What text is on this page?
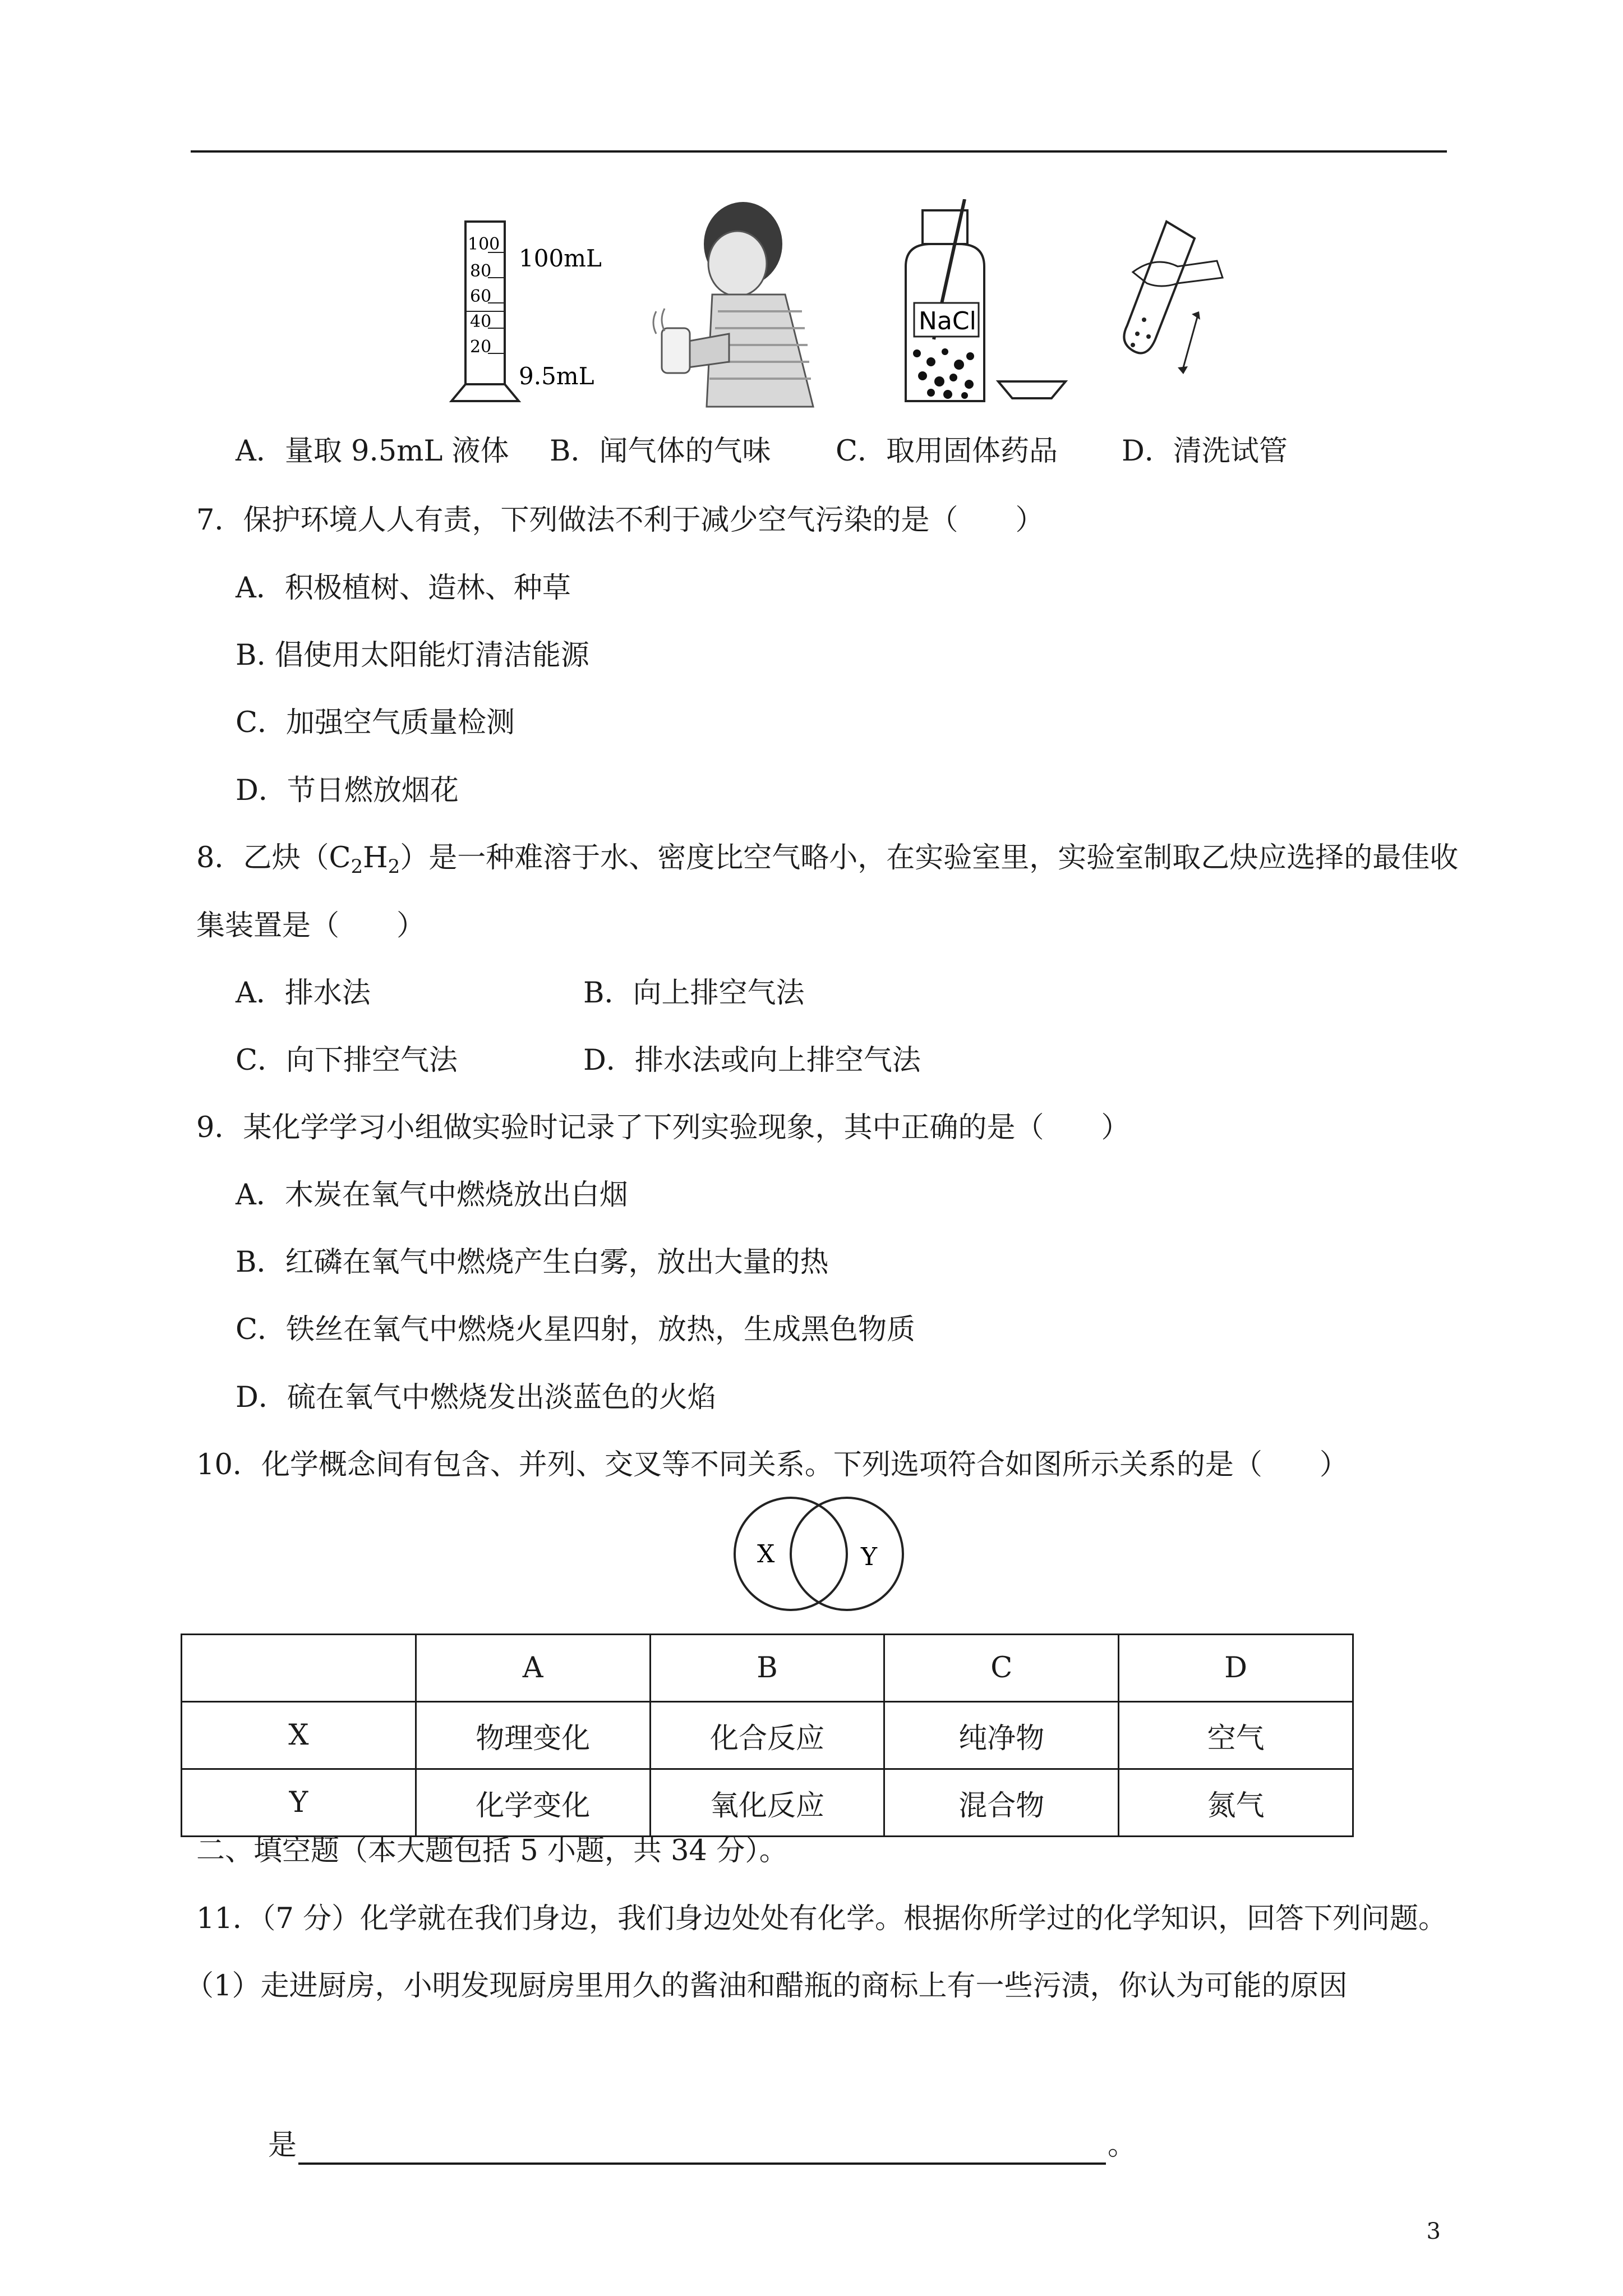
100
80
60
40
20
100mL
9.5mL
NaCl
A．量取 9.5mL 液体 B．闻气体的气味 C．取用固体药品 D．清洗试管
7．保护环境人人有责，下列做法不利于减少空气污染的是（　　）
A．积极植树、造林、种草
B. 倡使用太阳能灯清洁能源
C．加强空气质量检测
D．节日燃放烟花
8．乙炔$(C_2H_2)$是一种难溶于水、密度比空气略小，在实验室里，实验室制取乙炔应选择的最佳收
集装置是（　　）
A．排水法	B．向上排空气法
C．向下排空气法	D．排水法或向上排空气法
9．某化学学习小组做实验时记录了下列实验现象，其中正确的是（　　）
A．木炭在氧气中燃烧放出白烟
B．红磷在氧气中燃烧产生白雾，放出大量的热
C．铁丝在氧气中燃烧火星四射，放热，生成黑色物质
D．硫在氧气中燃烧发出淡蓝色的火焰
10．化学概念间有包含、并列、交叉等不同关系。下列选项符合如图所示关系的是（　　）
X	Y
	A	B	C	D
X	物理变化	化合反应	纯净物	空气
Y	化学变化	氧化反应	混合物	氮气
二、填空题（本大题包括 5 小题，共 34 分）。
11．（7 分）化学就在我们身边，我们身边处处有化学。根据你所学过的化学知识，回答下列问题。
（1）走进厨房，小明发现厨房里用久的酱油和醋瓶的商标上有一些污渍，你认为可能的原因
是	。
3
